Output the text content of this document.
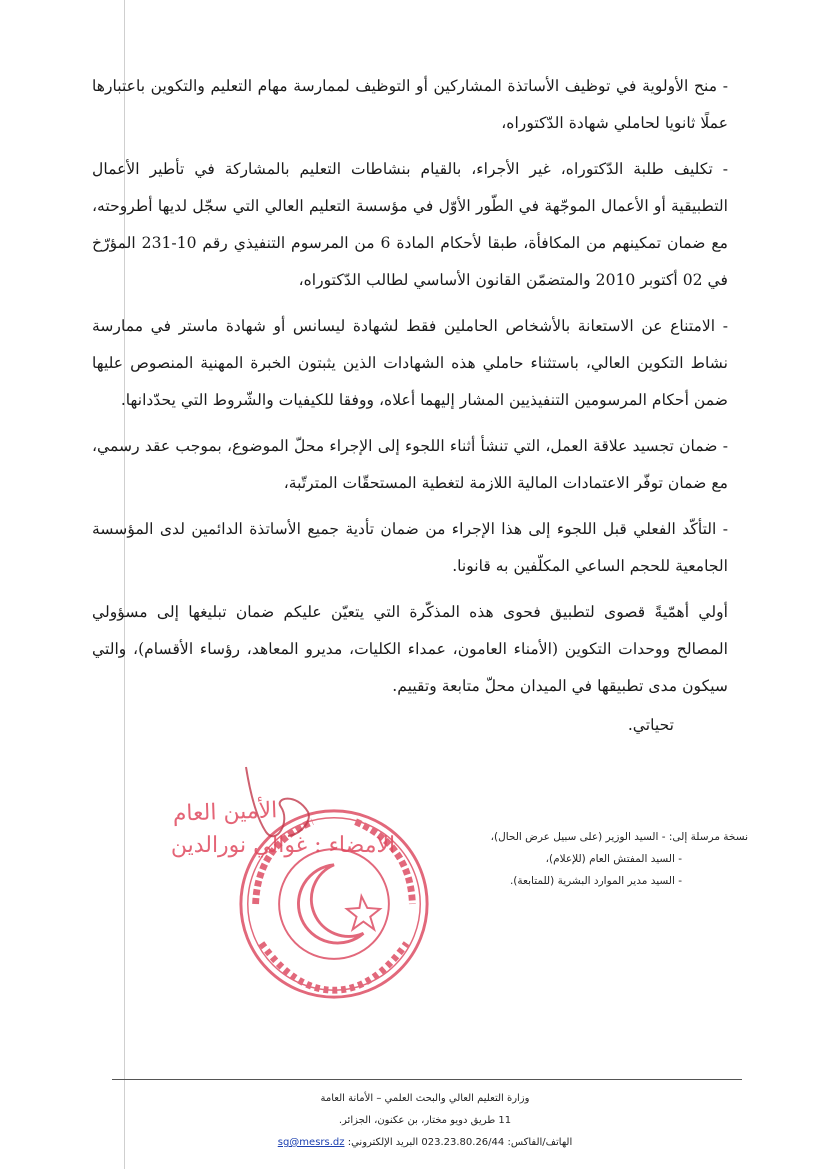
- منح الأولوية في توظيف الأساتذة المشاركين أو التوظيف لممارسة مهام التعليم والتكوين باعتبارها عملًا ثانويا لحاملي شهادة الدّكتوراه،

- تكليف طلبة الدّكتوراه، غير الأجراء، بالقيام بنشاطات التعليم بالمشاركة في تأطير الأعمال التطبيقية أو الأعمال الموجّهة في الطّور الأوّل في مؤسسة التعليم العالي التي سجّل لديها أطروحته، مع ضمان تمكينهم من المكافأة، طبقا لأحكام المادة 6 من المرسوم التنفيذي رقم 10-231 المؤرّخ في 02 أكتوبر 2010 والمتضمّن القانون الأساسي لطالب الدّكتوراه،

- الامتناع عن الاستعانة بالأشخاص الحاملين فقط لشهادة ليسانس أو شهادة ماستر في ممارسة نشاط التكوين العالي، باستثناء حاملي هذه الشهادات الذين يثبتون الخبرة المهنية المنصوص عليها ضمن أحكام المرسومين التنفيذيين المشار إليهما أعلاه، ووفقا للكيفيات والشّروط التي يحدّدانها.

- ضمان تجسيد علاقة العمل، التي تنشأ أثناء اللجوء إلى الإجراء محلّ الموضوع، بموجب عقد رسمي، مع ضمان توفّر الاعتمادات المالية اللازمة لتغطية المستحقّات المترتّبة،

- التأكّد الفعلي قبل اللجوء إلى هذا الإجراء من ضمان تأدية جميع الأساتذة الدائمين لدى المؤسسة الجامعية للحجم الساعي المكلّفين به قانونا.

أولي أهمّيةً قصوى لتطبيق فحوى هذه المذكّرة التي يتعيّن عليكم ضمان تبليغها إلى مسؤولي المصالح ووحدات التكوين (الأمناء العامون، عمداء الكليات، مديرو المعاهد، رؤساء الأقسام)، والتي سيكون مدى تطبيقها في الميدان محلّ متابعة وتقييم.

تحياتي.

الأمين العام
الامضاء : غوالي نورالدين	نسخة مرسلة إلى: - السيد الوزير (على سبيل عرض الحال)،
- السيد المفتش العام (للإعلام)،
- السيد مدير الموارد البشرية (للمتابعة).
وزارة التعليم العالي والبحث العلمي – الأمانة العامة
11 طريق دويو مختار، بن عكنون، الجزائر.
الهاتف/الفاكس: 023.23.80.26/44 البريد الإلكتروني: sg@mesrs.dz
